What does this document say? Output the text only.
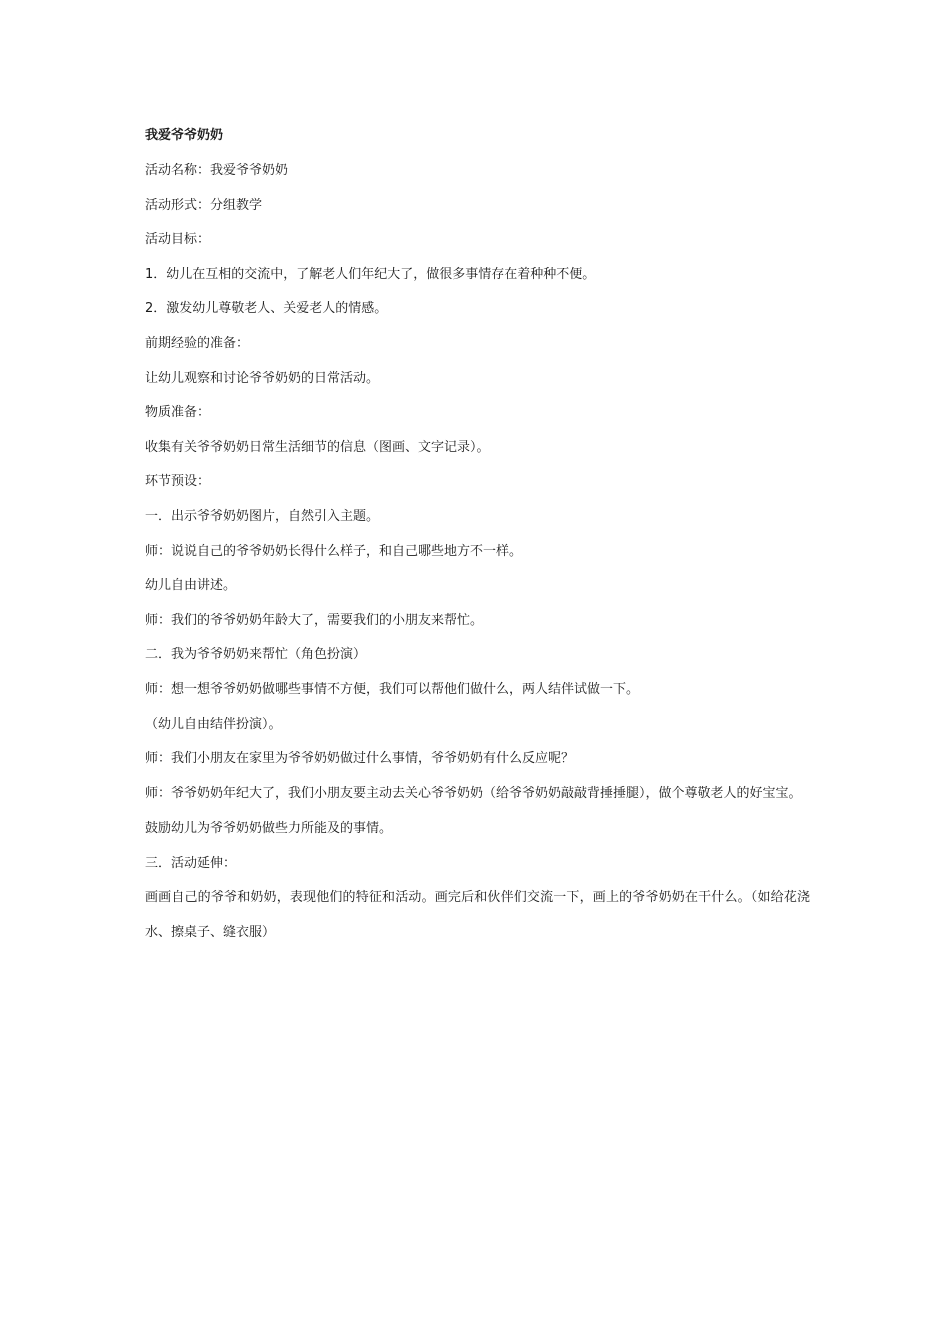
我爱爷爷奶奶
活动名称：我爱爷爷奶奶
活动形式：分组教学
活动目标：
1．幼儿在互相的交流中，了解老人们年纪大了，做很多事情存在着种种不便。
2．激发幼儿尊敬老人、关爱老人的情感。
前期经验的准备：
让幼儿观察和讨论爷爷奶奶的日常活动。
物质准备：
收集有关爷爷奶奶日常生活细节的信息（图画、文字记录）。
环节预设：
一．出示爷爷奶奶图片，自然引入主题。
师：说说自己的爷爷奶奶长得什么样子，和自己哪些地方不一样。
幼儿自由讲述。
师：我们的爷爷奶奶年龄大了，需要我们的小朋友来帮忙。
二．我为爷爷奶奶来帮忙（角色扮演）
师：想一想爷爷奶奶做哪些事情不方便，我们可以帮他们做什么，两人结伴试做一下。
（幼儿自由结伴扮演）。
师：我们小朋友在家里为爷爷奶奶做过什么事情，爷爷奶奶有什么反应呢？
师：爷爷奶奶年纪大了，我们小朋友要主动去关心爷爷奶奶（给爷爷奶奶敲敲背捶捶腿），做个尊敬老人的好宝宝。
鼓励幼儿为爷爷奶奶做些力所能及的事情。
三．活动延伸：
画画自己的爷爷和奶奶，表现他们的特征和活动。画完后和伙伴们交流一下，画上的爷爷奶奶在干什么。（如给花浇水、擦桌子、缝衣服）
